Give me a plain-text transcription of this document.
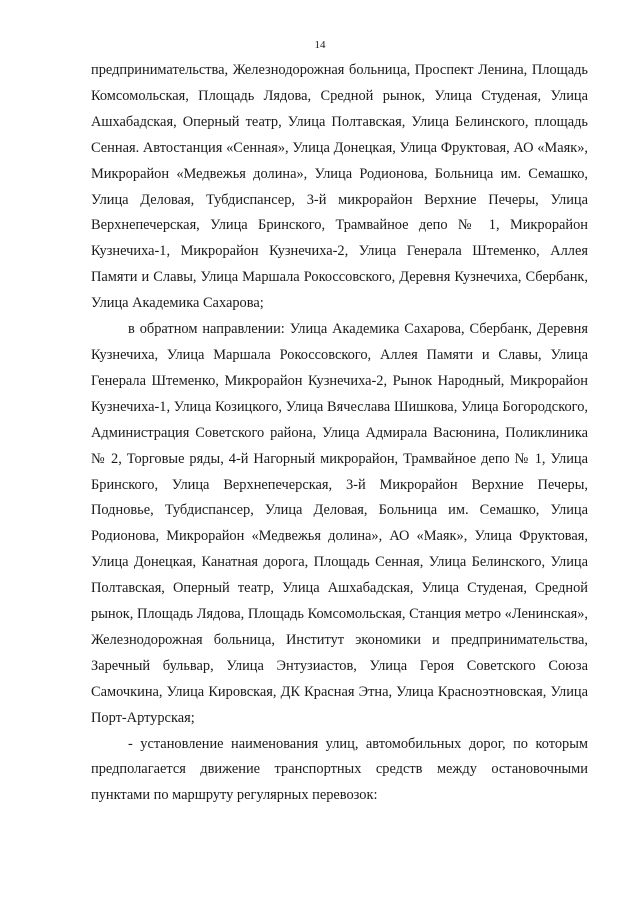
14

предпринимательства, Железнодорожная больница, Проспект Ленина, Площадь Комсомольская, Площадь Лядова, Средной рынок, Улица Студеная, Улица Ашхабадская, Оперный театр, Улица Полтавская, Улица Белинского, площадь Сенная. Автостанция «Сенная», Улица Донецкая, Улица Фруктовая, АО «Маяк», Микрорайон «Медвежья долина», Улица Родионова, Больница им. Семашко, Улица Деловая, Тубдиспансер, 3-й микрорайон Верхние Печеры, Улица Верхнепечерская, Улица Бринского, Трамвайное депо № 1, Микрорайон Кузнечиха-1, Микрорайон Кузнечиха-2, Улица Генерала Штеменко, Аллея Памяти и Славы, Улица Маршала Рокоссовского, Деревня Кузнечиха, Сбербанк, Улица Академика Сахарова;

в обратном направлении: Улица Академика Сахарова, Сбербанк, Деревня Кузнечиха, Улица Маршала Рокоссовского, Аллея Памяти и Славы, Улица Генерала Штеменко, Микрорайон Кузнечиха-2, Рынок Народный, Микрорайон Кузнечиха-1, Улица Козицкого, Улица Вячеслава Шишкова, Улица Богородского, Администрация Советского района, Улица Адмирала Васюнина, Поликлиника № 2, Торговые ряды, 4-й Нагорный микрорайон, Трамвайное депо № 1, Улица Бринского, Улица Верхнепечерская, 3-й Микрорайон Верхние Печеры, Подновье, Тубдиспансер, Улица Деловая, Больница им. Семашко, Улица Родионова, Микрорайон «Медвежья долина», АО «Маяк», Улица Фруктовая, Улица Донецкая, Канатная дорога, Площадь Сенная, Улица Белинского, Улица Полтавская, Оперный театр, Улица Ашхабадская, Улица Студеная, Средной рынок, Площадь Лядова, Площадь Комсомольская, Станция метро «Ленинская», Железнодорожная больница, Институт экономики и предпринимательства, Заречный бульвар, Улица Энтузиастов, Улица Героя Советского Союза Самочкина, Улица Кировская, ДК Красная Этна, Улица Красноэтновская, Улица Порт-Артурская;

- установление наименования улиц, автомобильных дорог, по которым предполагается движение транспортных средств между остановочными пунктами по маршруту регулярных перевозок:
